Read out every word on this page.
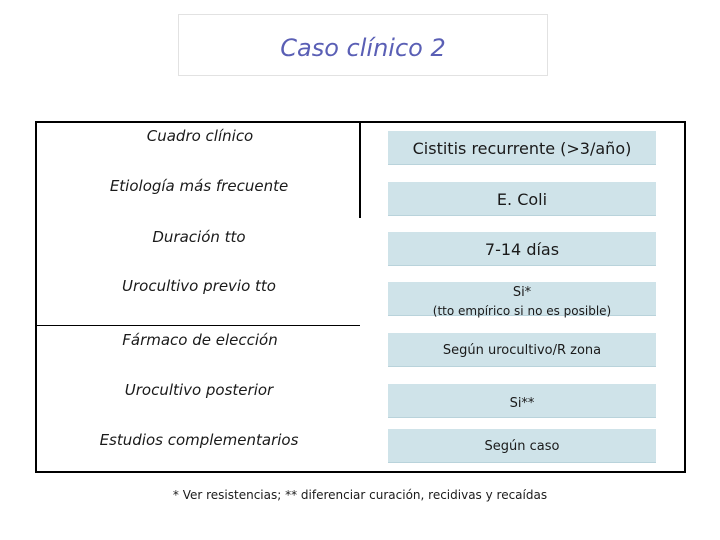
Caso clínico 2
Cuadro clínico
Etiología más frecuente
Duración tto
Urocultivo previo tto
Fármaco de elección
Urocultivo posterior
Estudios complementarios
Cistitis recurrente (>3/año)
E. Coli
7-14 días
Si*
(tto empírico si no es posible)
Según urocultivo/R zona
Si**
Según caso
* Ver resistencias; ** diferenciar curación, recidivas y recaídas
